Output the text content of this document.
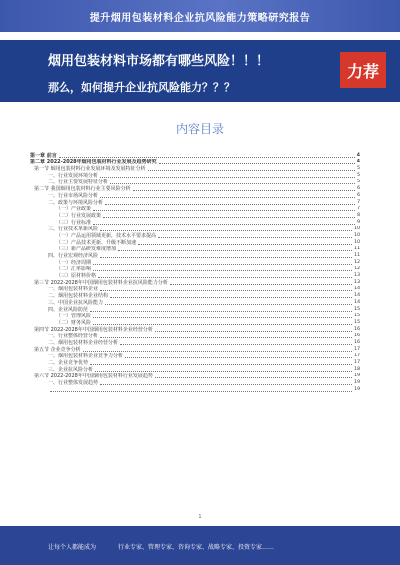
提升烟用包装材料企业抗风险能力策略研究报告
烟用包装材料市场都有哪些风险！！！
那么，如何提升企业抗风险能力？？？
力荐
内容目录
第一章 前言	4
第二章 2022-2028年烟用包装材料行业发展及趋势研究	4
第一节 烟用包装材料行业发展环境及发展特征分析	5
一、行业发展环境分析	5
二、行业主要发展特征分析	5
第二节 我国烟用包装材料行业主要风险分析	6
一、行业市场风险分析	6
二、政策与环境风险分析	7
（一）产业政策	7
（二）行业发展政策	8
（三）行业标准	9
三、行业技术革新风险	10
（一）产品运用领域更新，技术水平要求提高	10
（二）产品技术更新、升级不断加速	10
（三）新产品研发难度增加	11
四、行业宏观经济风险	11
（一）经济周期	12
（二）汇率影响	12
（三）原材料价格	13
第三节 2022-2028年中国烟用包装材料企业抗风险能力分析	13
一、烟用包装材料企业	14
二、烟用包装材料企业结构	14
三、中国企业抗风险能力	14
四、企业风险防范	15
（一）管理风险	15
（二）财务风险	15
第四节 2022-2028年中国烟用包装材料企业经营分析	16
一、行业整体经营分析	16
二、烟用包装材料企业经营分析	16
第五节 企业竞争分析	17
一、烟用包装材料企业竞争力分析	17
二、企业竞争优势	17
三、企业抗风险分析	18
第六节 2022-2028年中国烟用包装材料行业发展趋势	19
一、行业整体发展趋势	19
19
1
让每个人都能成为	行业专家、管理专家、咨询专家、战略专家、投资专家……
